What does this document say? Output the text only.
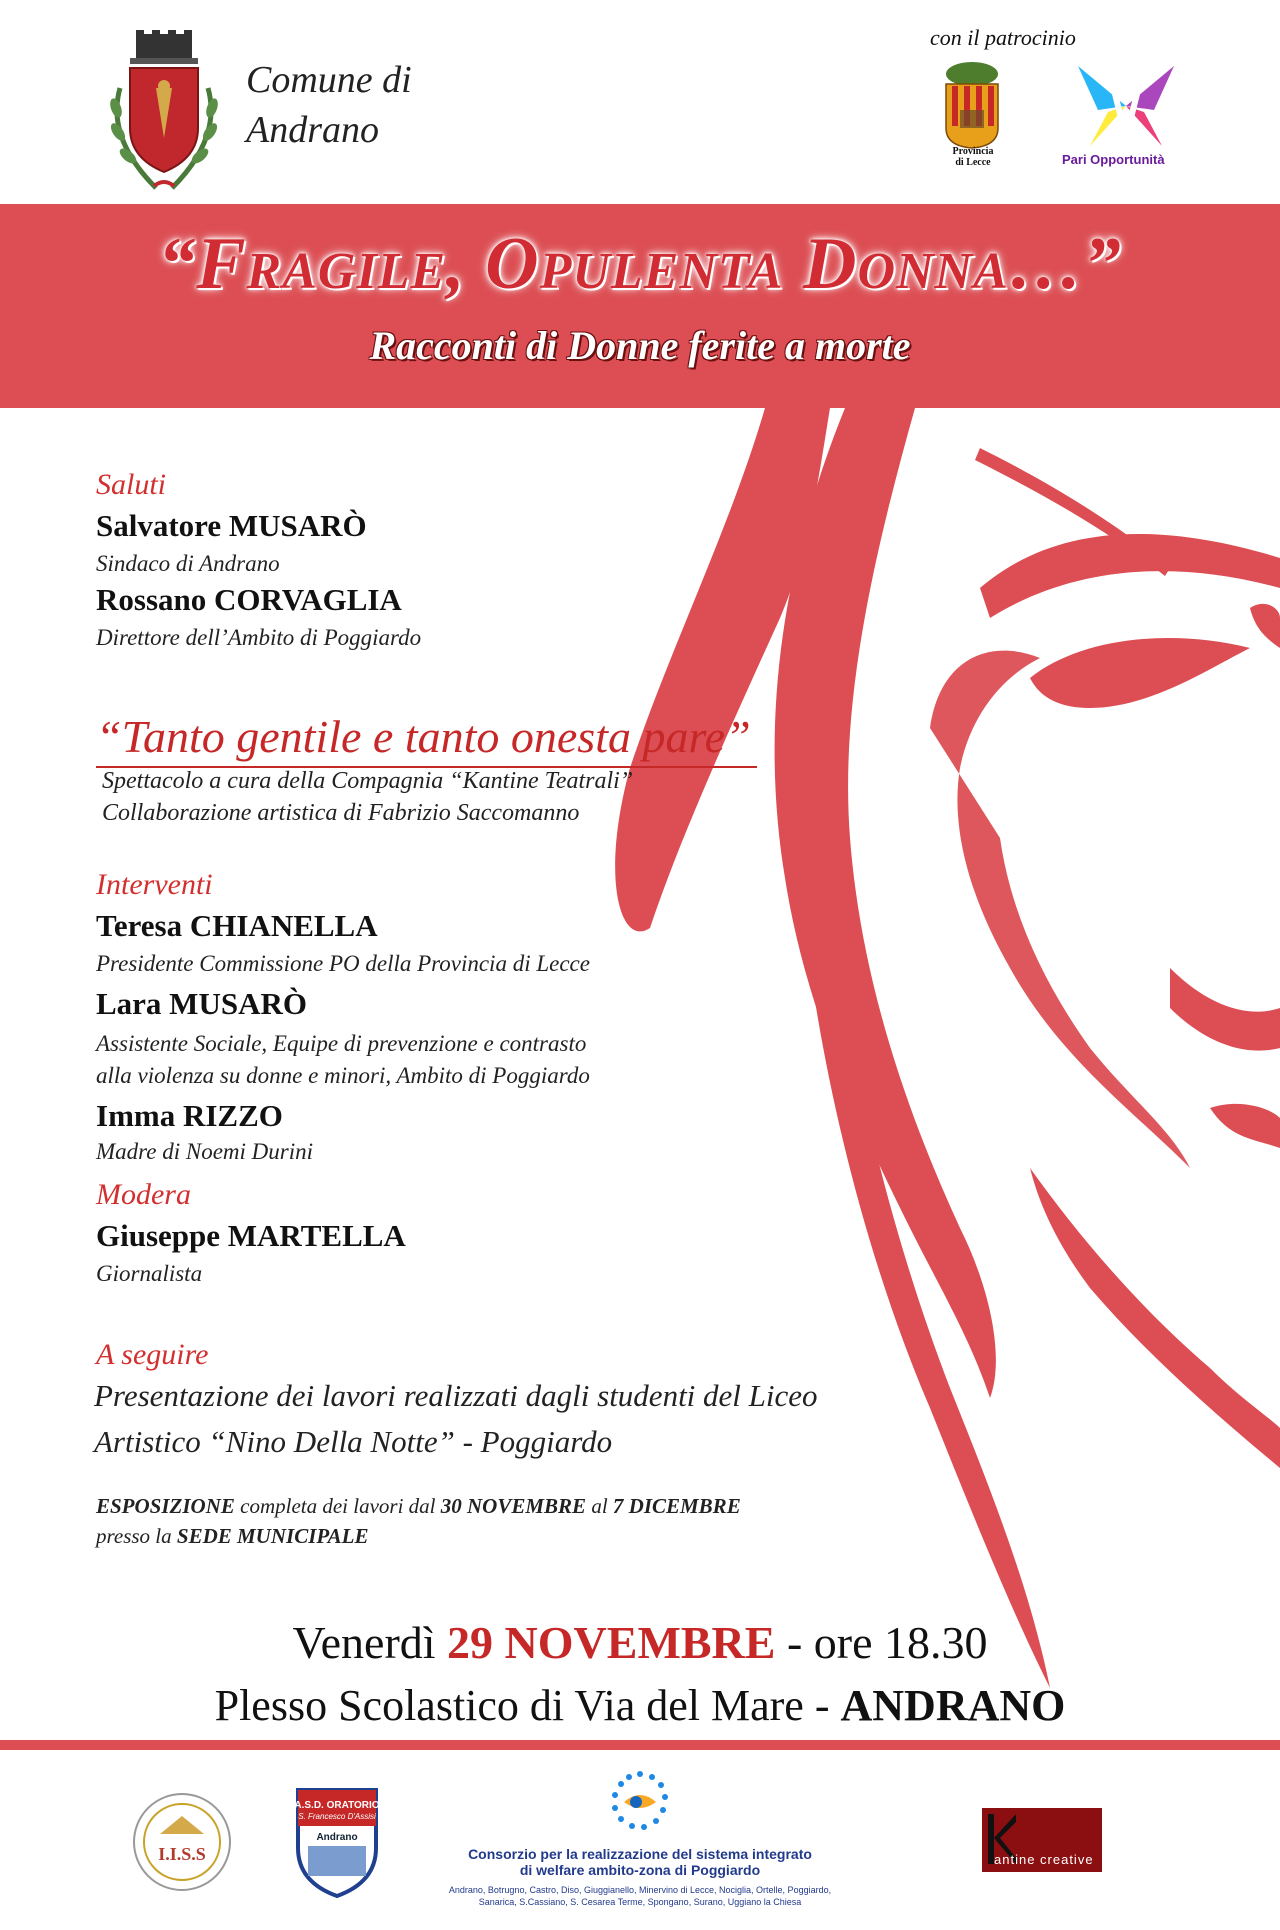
Comune di
Andrano
con il patrocinio
Provincia
di Lecce	Pari Opportunità
“Fragile, Opulenta Donna…”
Racconti di Donne ferite a morte
Saluti
Salvatore MUSARÒ
Sindaco di Andrano
Rossano CORVAGLIA
Direttore dell’Ambito di Poggiardo
“Tanto gentile e tanto onesta pare”
Spettacolo a cura della Compagnia “Kantine Teatrali”
Collaborazione artistica di Fabrizio Saccomanno
Interventi
Teresa CHIANELLA
Presidente Commissione PO della Provincia di Lecce
Lara MUSARÒ
Assistente Sociale, Equipe di prevenzione e contrasto
alla violenza su donne e minori, Ambito di Poggiardo
Imma RIZZO
Madre di Noemi Durini
Modera
Giuseppe MARTELLA
Giornalista
A seguire
Presentazione dei lavori realizzati dagli studenti del Liceo
Artistico “Nino Della Notte” - Poggiardo
ESPOSIZIONE completa dei lavori dal 30 NOVEMBRE al 7 DICEMBRE
presso la SEDE MUNICIPALE
Venerdì 29 NOVEMBRE - ore 18.30
Plesso Scolastico di Via del Mare - ANDRANO
I.I.S.S
A.S.D. ORATORIO
S. Francesco D'Assisi
Andrano
Consorzio per la realizzazione del sistema integrato
di welfare ambito-zona di Poggiardo
Andrano, Botrugno, Castro, Diso, Giuggianello, Minervino di Lecce, Nociglia, Ortelle, Poggiardo,
Sanarica, S.Cassiano, S. Cesarea Terme, Spongano, Surano, Uggiano la Chiesa
antine creative
